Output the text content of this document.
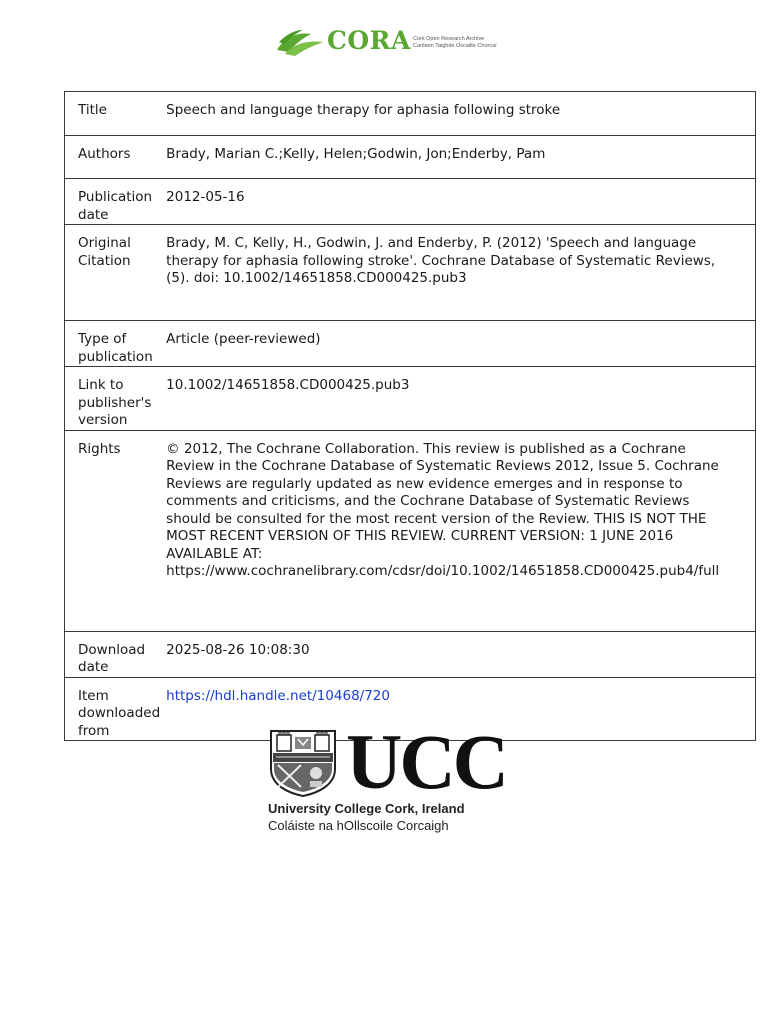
CORA Cork Open Research Archive
Cartlann Taighde Oscailte Chorcaí
Title	Speech and language therapy for aphasia following stroke
Authors	Brady, Marian C.;Kelly, Helen;Godwin, Jon;Enderby, Pam
Publication date	2012-05-16
Original Citation	Brady, M. C, Kelly, H., Godwin, J. and Enderby, P. (2012) 'Speech and language therapy for aphasia following stroke'. Cochrane Database of Systematic Reviews, (5). doi: 10.1002/14651858.CD000425.pub3
Type of publication	Article (peer-reviewed)
Link to publisher's version	10.1002/14651858.CD000425.pub3
Rights	© 2012, The Cochrane Collaboration. This review is published as a Cochrane Review in the Cochrane Database of Systematic Reviews 2012, Issue 5. Cochrane Reviews are regularly updated as new evidence emerges and in response to comments and criticisms, and the Cochrane Database of Systematic Reviews should be consulted for the most recent version of the Review. THIS IS NOT THE MOST RECENT VERSION OF THIS REVIEW. CURRENT VERSION: 1 JUNE 2016 AVAILABLE AT: https://www.cochranelibrary.com/cdsr/doi/10.1002/14651858.CD000425.pub4/full
Download date	2025-08-26 10:08:30
Item downloaded from	https://hdl.handle.net/10468/720
UCC
University College Cork, Ireland
Coláiste na hOllscoile Corcaigh
